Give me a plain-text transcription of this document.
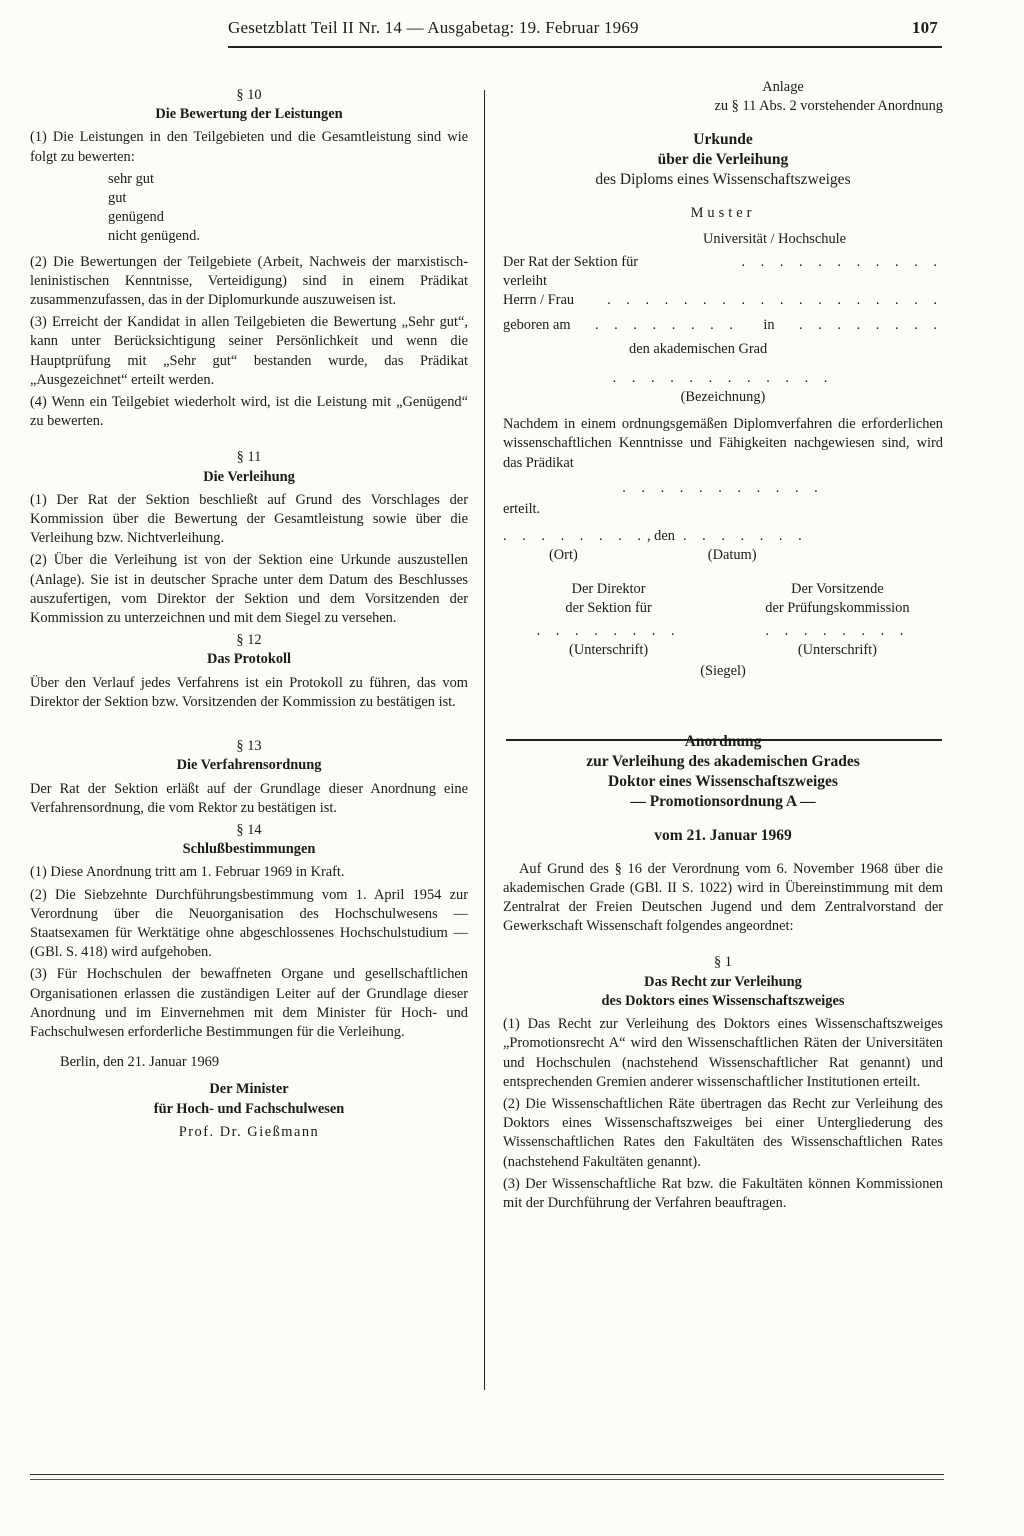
Gesetzblatt Teil II Nr. 14 — Ausgabetag: 19. Februar 1969	107

§ 10

Die Bewertung der Leistungen

(1) Die Leistungen in den Teilgebieten und die Gesamtleistung sind wie folgt zu bewerten:

sehr gut
gut
genügend
nicht genügend.

(2) Die Bewertungen der Teilgebiete (Arbeit, Nachweis der marxistisch-leninistischen Kenntnisse, Verteidigung) sind in einem Prädikat zusammenzufassen, das in der Diplomurkunde auszuweisen ist.

(3) Erreicht der Kandidat in allen Teilgebieten die Bewertung „Sehr gut“, kann unter Berücksichtigung seiner Persönlichkeit und wenn die Hauptprüfung mit „Sehr gut“ bestanden wurde, das Prädikat „Ausgezeichnet“ erteilt werden.

(4) Wenn ein Teilgebiet wiederholt wird, ist die Leistung mit „Genügend“ zu bewerten.

§ 11

Die Verleihung

(1) Der Rat der Sektion beschließt auf Grund des Vorschlages der Kommission über die Bewertung der Gesamtleistung sowie über die Verleihung bzw. Nichtverleihung.

(2) Über die Verleihung ist von der Sektion eine Urkunde auszustellen (Anlage). Sie ist in deutscher Sprache unter dem Datum des Beschlusses auszufertigen, vom Direktor der Sektion und dem Vorsitzenden der Kommission zu unterzeichnen und mit dem Siegel zu versehen.

§ 12

Das Protokoll

Über den Verlauf jedes Verfahrens ist ein Protokoll zu führen, das vom Direktor der Sektion bzw. Vorsitzenden der Kommission zu bestätigen ist.

§ 13

Die Verfahrensordnung

Der Rat der Sektion erläßt auf der Grundlage dieser Anordnung eine Verfahrensordnung, die vom Rektor zu bestätigen ist.

§ 14

Schlußbestimmungen

(1) Diese Anordnung tritt am 1. Februar 1969 in Kraft.

(2) Die Siebzehnte Durchführungsbestimmung vom 1. April 1954 zur Verordnung über die Neuorganisation des Hochschulwesens — Staatsexamen für Werktätige ohne abgeschlossenes Hochschulstudium — (GBl. S. 418) wird aufgehoben.

(3) Für Hochschulen der bewaffneten Organe und gesellschaftlichen Organisationen erlassen die zuständigen Leiter auf der Grundlage dieser Anordnung und im Einvernehmen mit dem Minister für Hoch- und Fachschulwesen erforderliche Bestimmungen für die Verleihung.

Berlin, den 21. Januar 1969

Der Minister

für Hoch- und Fachschulwesen

Prof. Dr. Gießmann

Anlage

zu § 11 Abs. 2 vorstehender Anordnung

Urkunde

über die Verleihung

des Diploms eines Wissenschaftszweiges

Muster

Universität / Hochschule

Der Rat der Sektion für	. . . . . . . . . . .

verleiht

Herrn / Frau . . . . . . . . . . . . . . . . . .
geboren am . . . . . . . . in . . . . . . . .

den akademischen Grad

. . . . . . . . . . . .

(Bezeichnung)

Nachdem in einem ordnungsgemäßen Diplomverfahren die erforderlichen wissenschaftlichen Kenntnisse und Fähigkeiten nachgewiesen sind, wird das Prädikat

. . . . . . . . . . .

erteilt.

. . . . . . . . , den . . . . . . .
(Ort)	(Datum)

Der Direktor

der Sektion für

. . . . . . . .

(Unterschrift)

Der Vorsitzende

der Prüfungskommission

. . . . . . . .

(Unterschrift)

(Siegel)

Anordnung

zur Verleihung des akademischen Grades

Doktor eines Wissenschaftszweiges

— Promotionsordnung A —

vom 21. Januar 1969

Auf Grund des § 16 der Verordnung vom 6. November 1968 über die akademischen Grade (GBl. II S. 1022) wird in Übereinstimmung mit dem Zentralrat der Freien Deutschen Jugend und dem Zentralvorstand der Gewerkschaft Wissenschaft folgendes angeordnet:

§ 1

Das Recht zur Verleihung

des Doktors eines Wissenschaftszweiges

(1) Das Recht zur Verleihung des Doktors eines Wissenschaftszweiges „Promotionsrecht A“ wird den Wissenschaftlichen Räten der Universitäten und Hochschulen (nachstehend Wissenschaftlicher Rat genannt) und entsprechenden Gremien anderer wissenschaftlicher Institutionen erteilt.

(2) Die Wissenschaftlichen Räte übertragen das Recht zur Verleihung des Doktors eines Wissenschaftszweiges bei einer Untergliederung des Wissenschaftlichen Rates den Fakultäten des Wissenschaftlichen Rates (nachstehend Fakultäten genannt).

(3) Der Wissenschaftliche Rat bzw. die Fakultäten können Kommissionen mit der Durchführung der Verfahren beauftragen.
